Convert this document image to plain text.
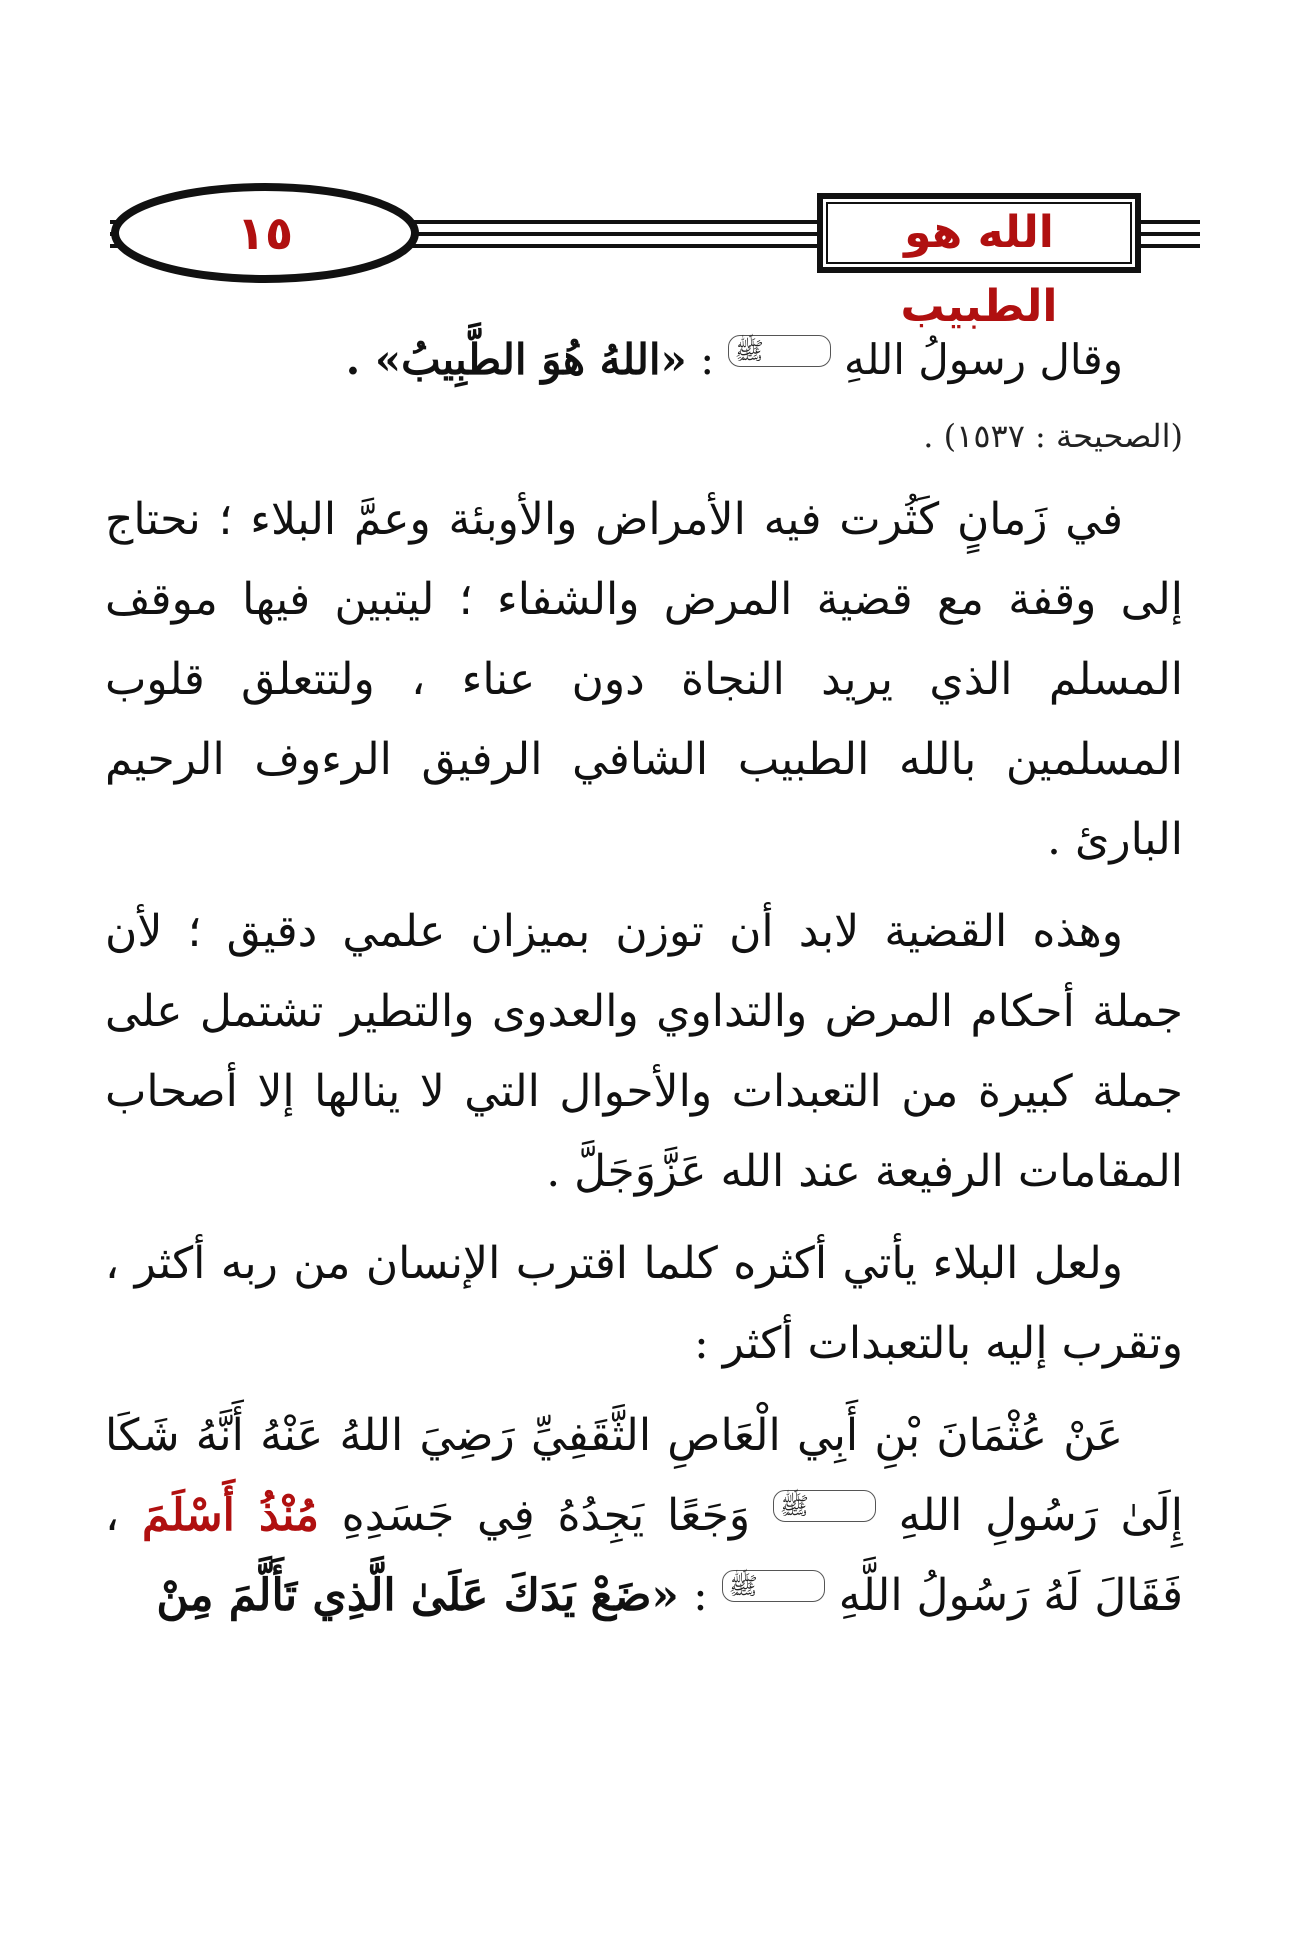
١٥	الله هو الطبيب

وقال رسولُ اللهِ ﷺ : «اللهُ هُوَ الطَّبِيبُ» .

(الصحيحة : ١٥٣٧) .

في زَمانٍ كَثُرت فيه الأمراض والأوبئة وعمَّ البلاء ؛ نحتاج إلى وقفة مع قضية المرض والشفاء ؛ ليتبين فيها موقف المسلم الذي يريد النجاة دون عناء ، ولتتعلق قلوب المسلمين بالله الطبيب الشافي الرفيق الرءوف الرحيم البارئ .

وهذه القضية لابد أن توزن بميزان علمي دقيق ؛ لأن جملة أحكام المرض والتداوي والعدوى والتطير تشتمل على جملة كبيرة من التعبدات والأحوال التي لا ينالها إلا أصحاب المقامات الرفيعة عند الله عَزَّوَجَلَّ .

ولعل البلاء يأتي أكثره كلما اقترب الإنسان من ربه أكثر ، وتقرب إليه بالتعبدات أكثر :

عَنْ عُثْمَانَ بْنِ أَبِي الْعَاصِ الثَّقَفِيِّ رَضِيَ اللهُ عَنْهُ أَنَّهُ شَكَا إِلَىٰ رَسُولِ اللهِ ﷺ وَجَعًا يَجِدُهُ فِي جَسَدِهِ مُنْذُ أَسْلَمَ ، فَقَالَ لَهُ رَسُولُ اللَّهِ ﷺ : «ضَعْ يَدَكَ عَلَىٰ الَّذِي تَأَلَّمَ مِنْ
